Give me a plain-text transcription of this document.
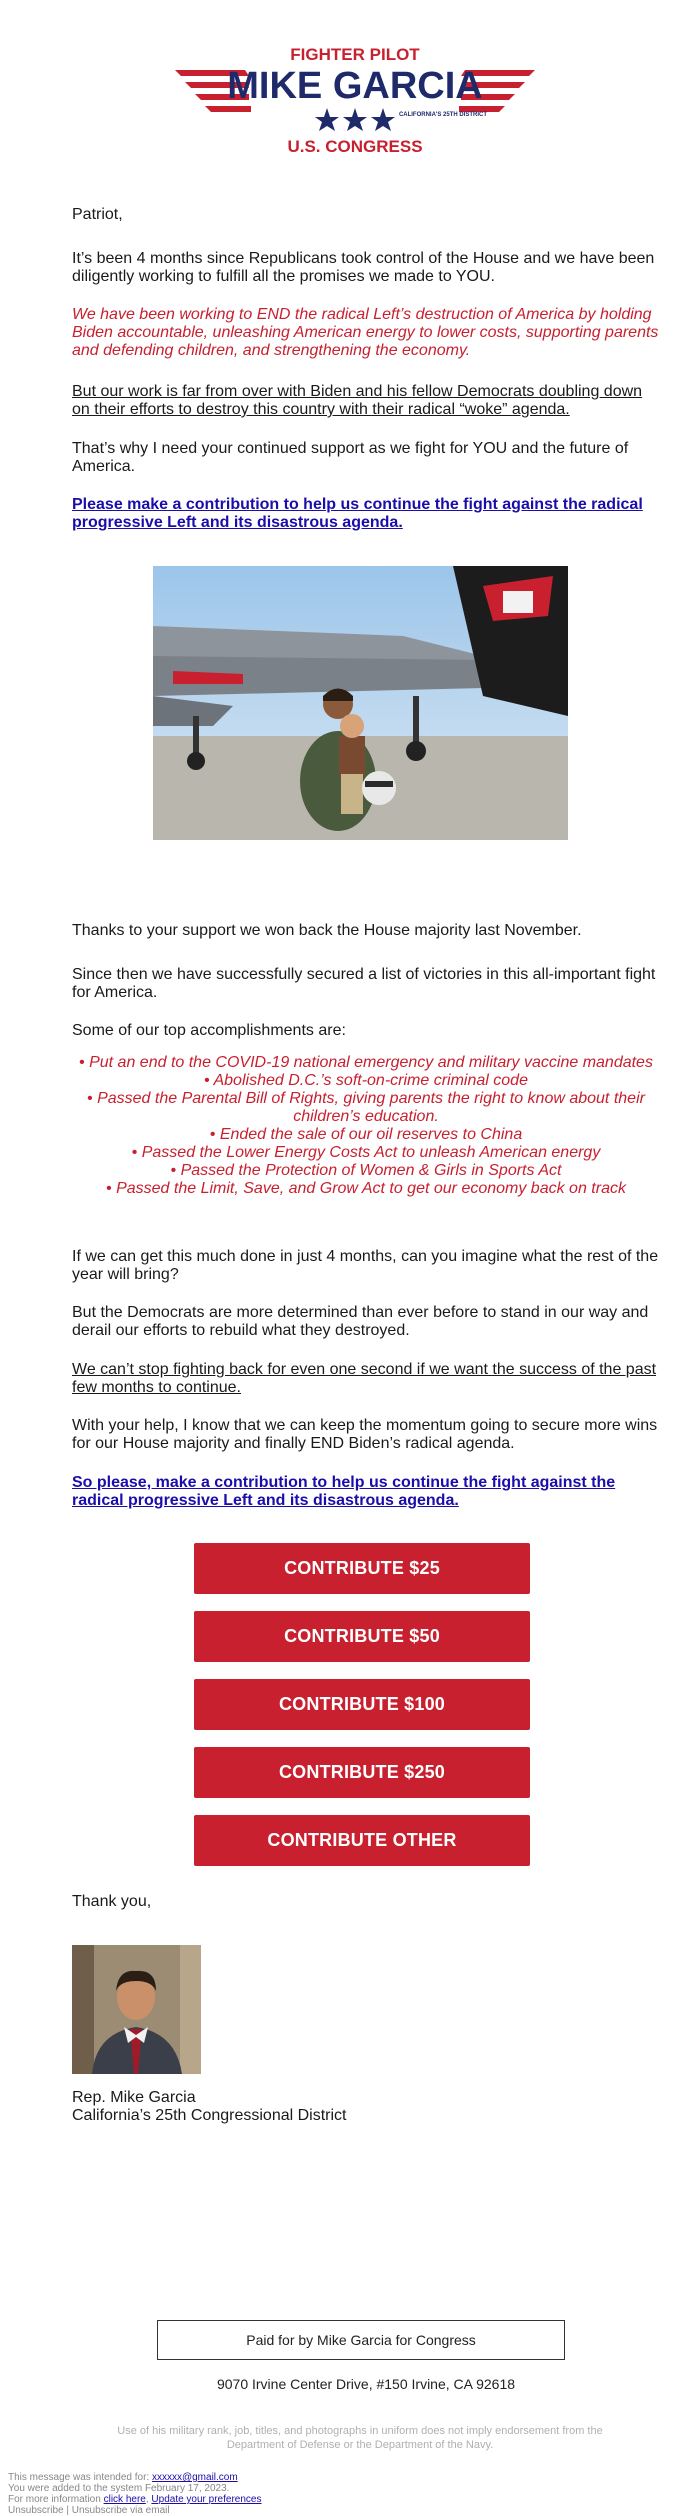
FIGHTER PILOT
MIKE GARCIA
CALIFORNIA'S 25TH DISTRICT
U.S. CONGRESS
Patriot,
It’s been 4 months since Republicans took control of the House and we have been diligently working to fulfill all the promises we made to YOU.
We have been working to END the radical Left’s destruction of America by holding Biden accountable, unleashing American energy to lower costs, supporting parents and defending children, and strengthening the economy.
But our work is far from over with Biden and his fellow Democrats doubling down on their efforts to destroy this country with their radical “woke” agenda.
That’s why I need your continued support as we fight for YOU and the future of America.
Please make a contribution to help us continue the fight against the radical progressive Left and its disastrous agenda.
Thanks to your support we won back the House majority last November.
Since then we have successfully secured a list of victories in this all-important fight for America.
Some of our top accomplishments are:
• Put an end to the COVID-19 national emergency and military vaccine mandates
• Abolished D.C.’s soft-on-crime criminal code
• Passed the Parental Bill of Rights, giving parents the right to know about their children’s education.
• Ended the sale of our oil reserves to China
• Passed the Lower Energy Costs Act to unleash American energy
• Passed the Protection of Women & Girls in Sports Act
• Passed the Limit, Save, and Grow Act to get our economy back on track
If we can get this much done in just 4 months, can you imagine what the rest of the year will bring?
But the Democrats are more determined than ever before to stand in our way and derail our efforts to rebuild what they destroyed.
We can’t stop fighting back for even one second if we want the success of the past few months to continue.
With your help, I know that we can keep the momentum going to secure more wins for our House majority and finally END Biden’s radical agenda.
So please, make a contribution to help us continue the fight against the radical progressive Left and its disastrous agenda.
CONTRIBUTE $25
CONTRIBUTE $50
CONTRIBUTE $100
CONTRIBUTE $250
CONTRIBUTE OTHER
Thank you,
Rep. Mike Garcia
California’s 25th Congressional District
Paid for by Mike Garcia for Congress
9070 Irvine Center Drive, #150 Irvine, CA 92618
Use of his military rank, job, titles, and photographs in uniform does not imply endorsement from the Department of Defense or the Department of the Navy.
This message was intended for: xxxxxx@gmail.com
You were added to the system February 17, 2023.
For more information click here, Update your preferences
Unsubscribe | Unsubscribe via email
